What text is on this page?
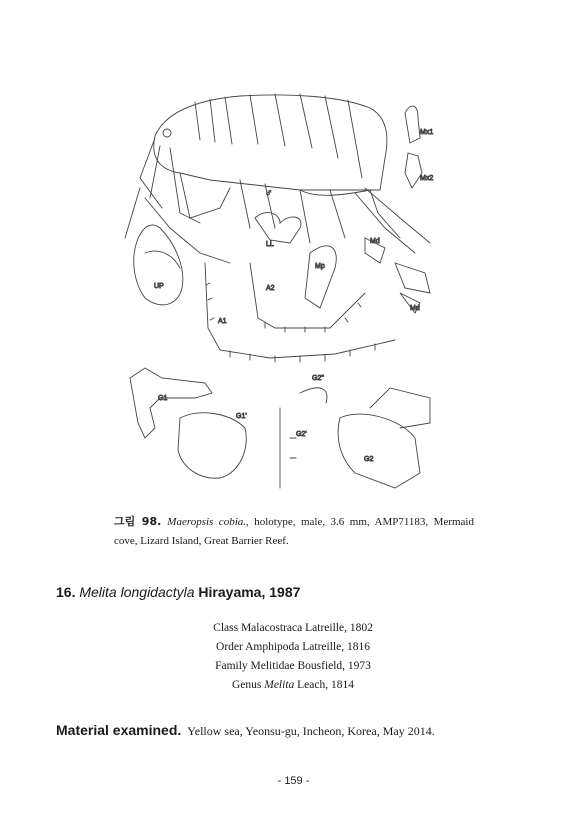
Mx1
Mx2
♂
LL	Md
Md
UP
Mp
A1
A2
G1
G1'
G2''
G2'
G2
그림 98. Maeropsis cobia., holotype, male, 3.6 mm, AMP71183, Mermaid cove, Lizard Island, Great Barrier Reef.
16. Melita longidactyla Hirayama, 1987
Class Malacostraca Latreille, 1802
Order Amphipoda Latreille, 1816
Family Melitidae Bousfield, 1973
Genus Melita Leach, 1814
Material examined. Yellow sea, Yeonsu-gu, Incheon, Korea, May 2014.
- 159 -
